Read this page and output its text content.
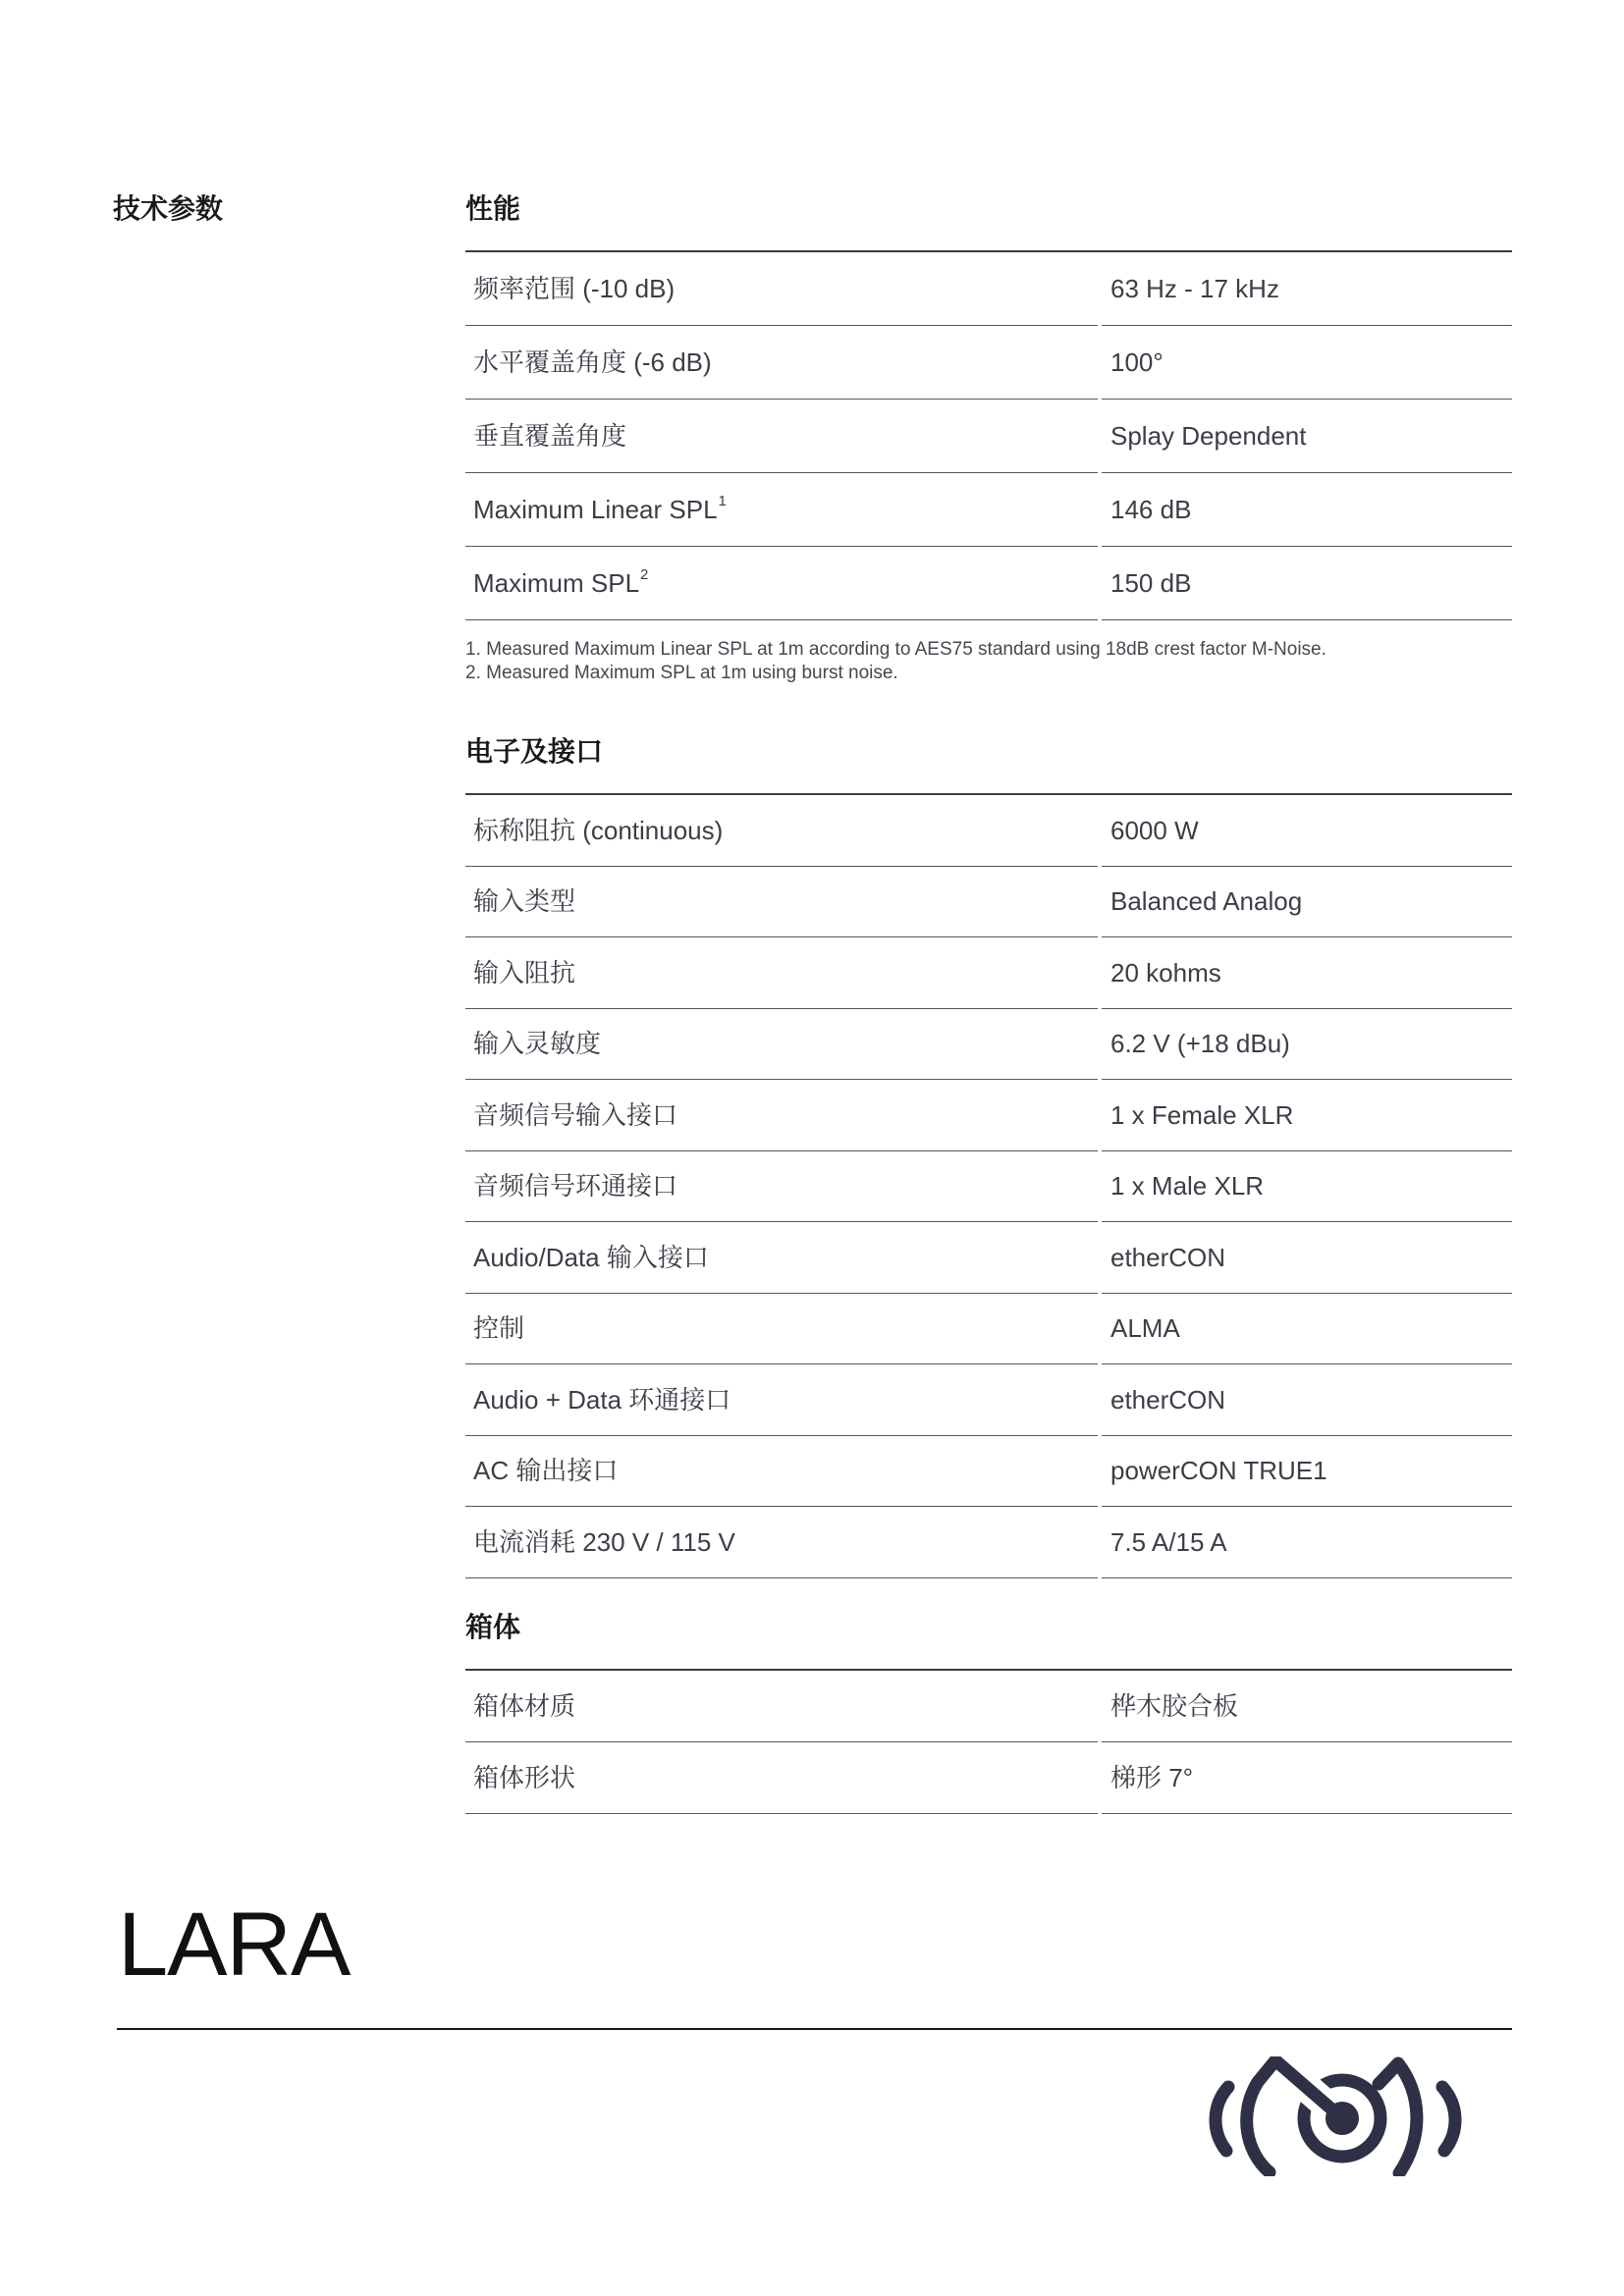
技术参数	性能
频率范围 (-10 dB)	63 Hz - 17 kHz
水平覆盖角度 (-6 dB)	100°
垂直覆盖角度	Splay Dependent
Maximum Linear SPL$^1$	146 dB
Maximum SPL$^2$	150 dB

1. Measured Maximum Linear SPL at 1m according to AES75 standard using 18dB crest factor M-Noise.

2. Measured Maximum SPL at 1m using burst noise.

电子及接口
标称阻抗 (continuous)	6000 W
输入类型	Balanced Analog
输入阻抗	20 kohms
输入灵敏度	6.2 V (+18 dBu)
音频信号输入接口	1 x Female XLR
音频信号环通接口	1 x Male XLR
Audio/Data 输入接口	etherCON
控制	ALMA
Audio + Data 环通接口	etherCON
AC 输出接口	powerCON TRUE1
电流消耗 230 V / 115 V	7.5 A/15 A
箱体
箱体材质	桦木胶合板
箱体形状	梯形 7°
LARA
